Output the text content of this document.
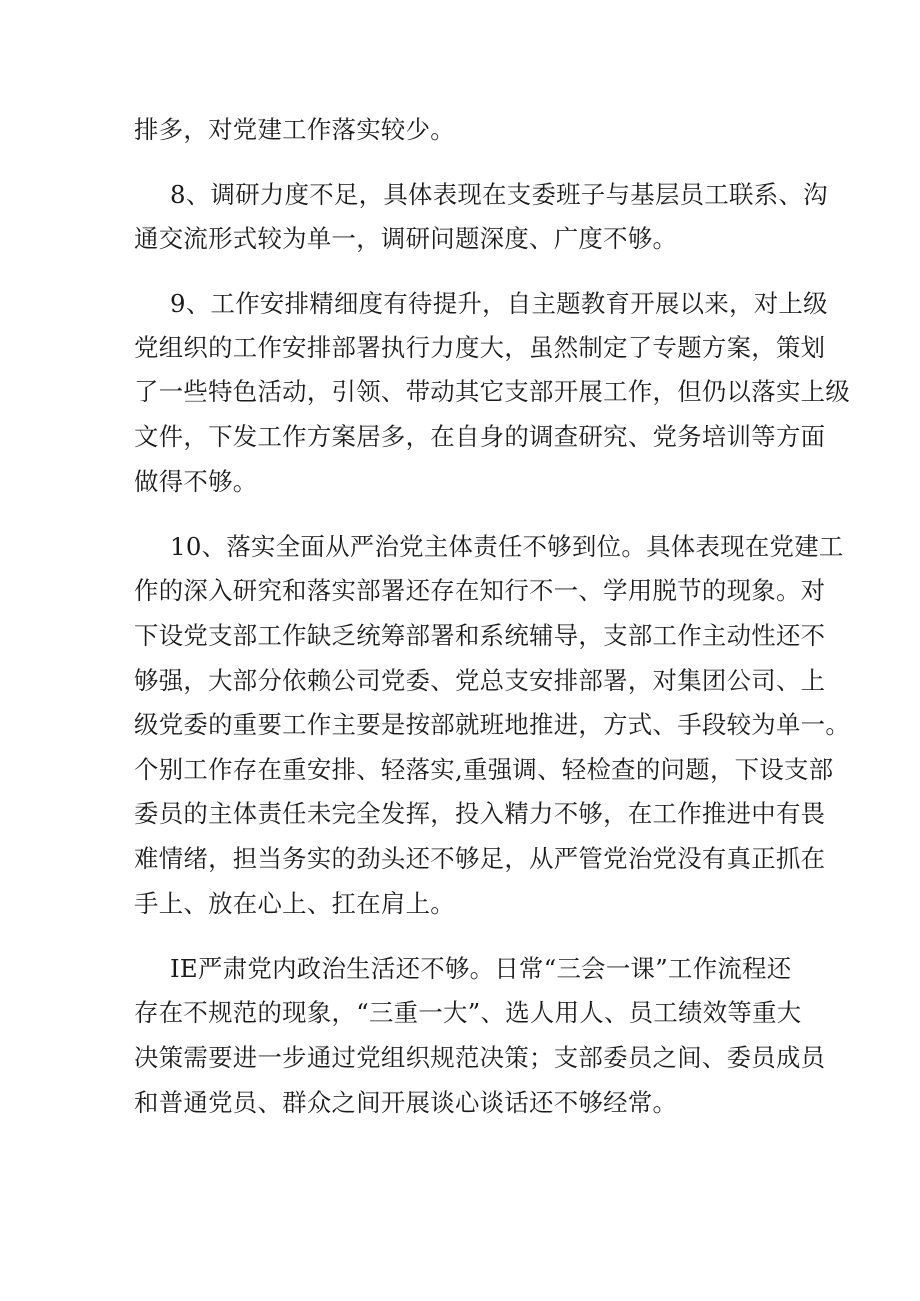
排多，对党建工作落实较少。
8、调研力度不足，具体表现在支委班子与基层员工联系、沟
通交流形式较为单一，调研问题深度、广度不够。
9、工作安排精细度有待提升，自主题教育开展以来，对上级
党组织的工作安排部署执行力度大，虽然制定了专题方案，策划
了一些特色活动，引领、带动其它支部开展工作，但仍以落实上级
文件，下发工作方案居多，在自身的调查研究、党务培训等方面
做得不够。
10、落实全面从严治党主体责任不够到位。具体表现在党建工
作的深入研究和落实部署还存在知行不一、学用脱节的现象。对
下设党支部工作缺乏统筹部署和系统辅导，支部工作主动性还不
够强，大部分依赖公司党委、党总支安排部署，对集团公司、上
级党委的重要工作主要是按部就班地推进，方式、手段较为单一。
个别工作存在重安排、轻落实,重强调、轻检查的问题，下设支部
委员的主体责任未完全发挥，投入精力不够，在工作推进中有畏
难情绪，担当务实的劲头还不够足，从严管党治党没有真正抓在
手上、放在心上、扛在肩上。
IE严肃党内政治生活还不够。日常“三会一课”工作流程还
存在不规范的现象，“三重一大”、选人用人、员工绩效等重大
决策需要进一步通过党组织规范决策；支部委员之间、委员成员
和普通党员、群众之间开展谈心谈话还不够经常。
